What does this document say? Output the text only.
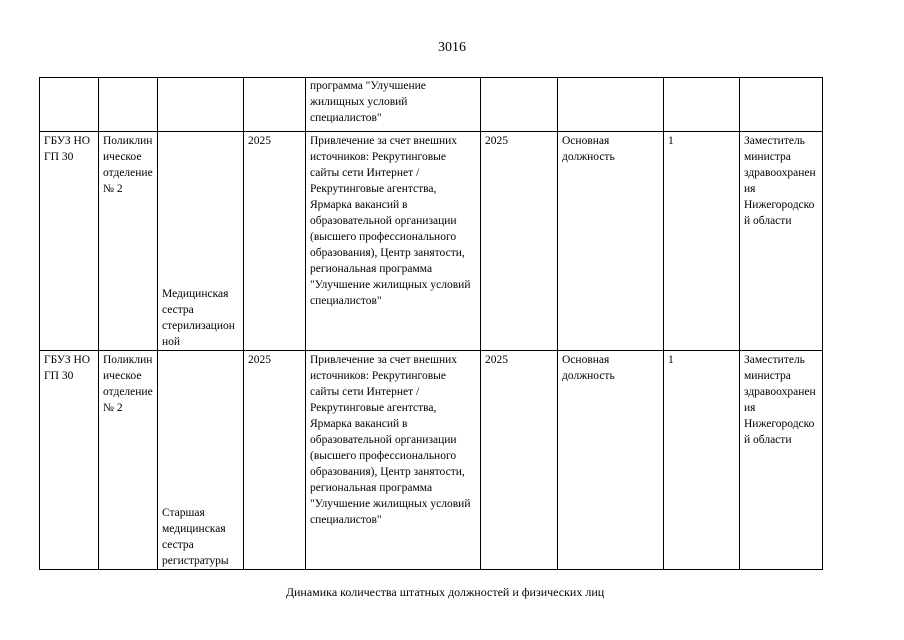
3016
				программа "Улучшение жилищных условий специалистов"				
ГБУЗ НО ГП 30	Поликлиническое отделение № 2	Медицинская сестра стерилизационной	2025	Привлечение за счет внешних источников: Рекрутинговые сайты сети Интернет / Рекрутинговые агентства, Ярмарка вакансий в образовательной организации (высшего профессионального образования), Центр занятости, региональная программа "Улучшение жилищных условий специалистов"	2025	Основная должность	1	Заместитель министра здравоохранения Нижегородской области
ГБУЗ НО ГП 30	Поликлиническое отделение № 2	Старшая медицинская сестра регистратуры	2025	Привлечение за счет внешних источников: Рекрутинговые сайты сети Интернет / Рекрутинговые агентства, Ярмарка вакансий в образовательной организации (высшего профессионального образования), Центр занятости, региональная программа "Улучшение жилищных условий специалистов"	2025	Основная должность	1	Заместитель министра здравоохранения Нижегородской области
Динамика количества штатных должностей и физических лиц
